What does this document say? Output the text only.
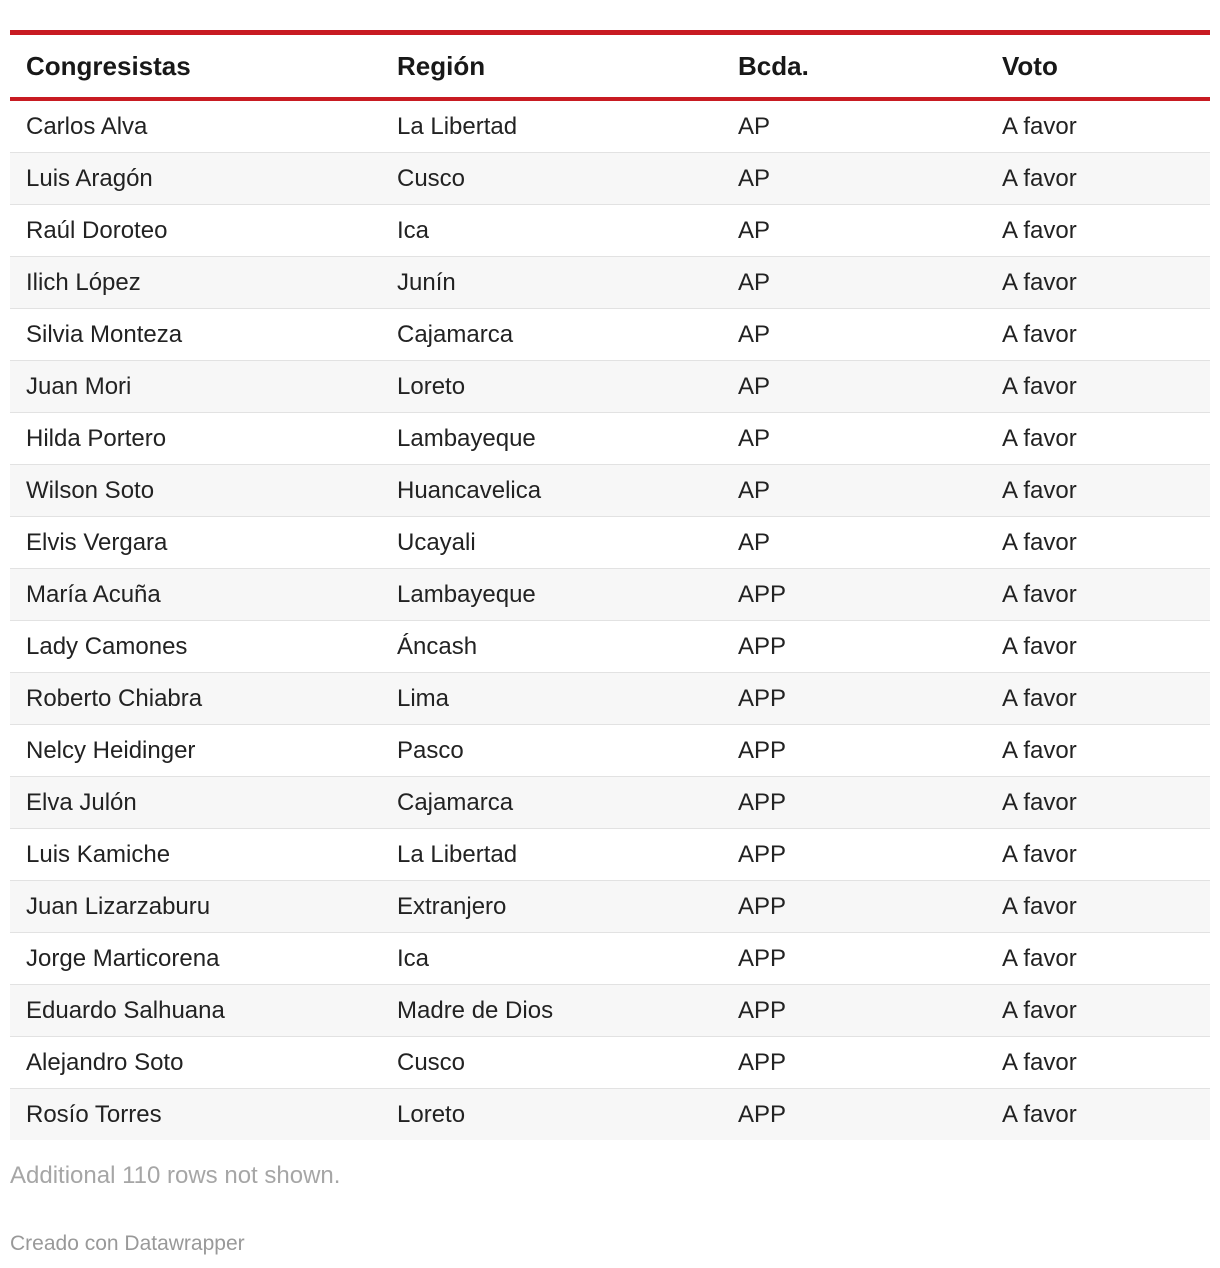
Congresistas	Región	Bcda.	Voto
Carlos Alva	La Libertad	AP	A favor
Luis Aragón	Cusco	AP	A favor
Raúl Doroteo	Ica	AP	A favor
Ilich López	Junín	AP	A favor
Silvia Monteza	Cajamarca	AP	A favor
Juan Mori	Loreto	AP	A favor
Hilda Portero	Lambayeque	AP	A favor
Wilson Soto	Huancavelica	AP	A favor
Elvis Vergara	Ucayali	AP	A favor
María Acuña	Lambayeque	APP	A favor
Lady Camones	Áncash	APP	A favor
Roberto Chiabra	Lima	APP	A favor
Nelcy Heidinger	Pasco	APP	A favor
Elva Julón	Cajamarca	APP	A favor
Luis Kamiche	La Libertad	APP	A favor
Juan Lizarzaburu	Extranjero	APP	A favor
Jorge Marticorena	Ica	APP	A favor
Eduardo Salhuana	Madre de Dios	APP	A favor
Alejandro Soto	Cusco	APP	A favor
Rosío Torres	Loreto	APP	A favor
Additional 110 rows not shown.
Creado con Datawrapper
